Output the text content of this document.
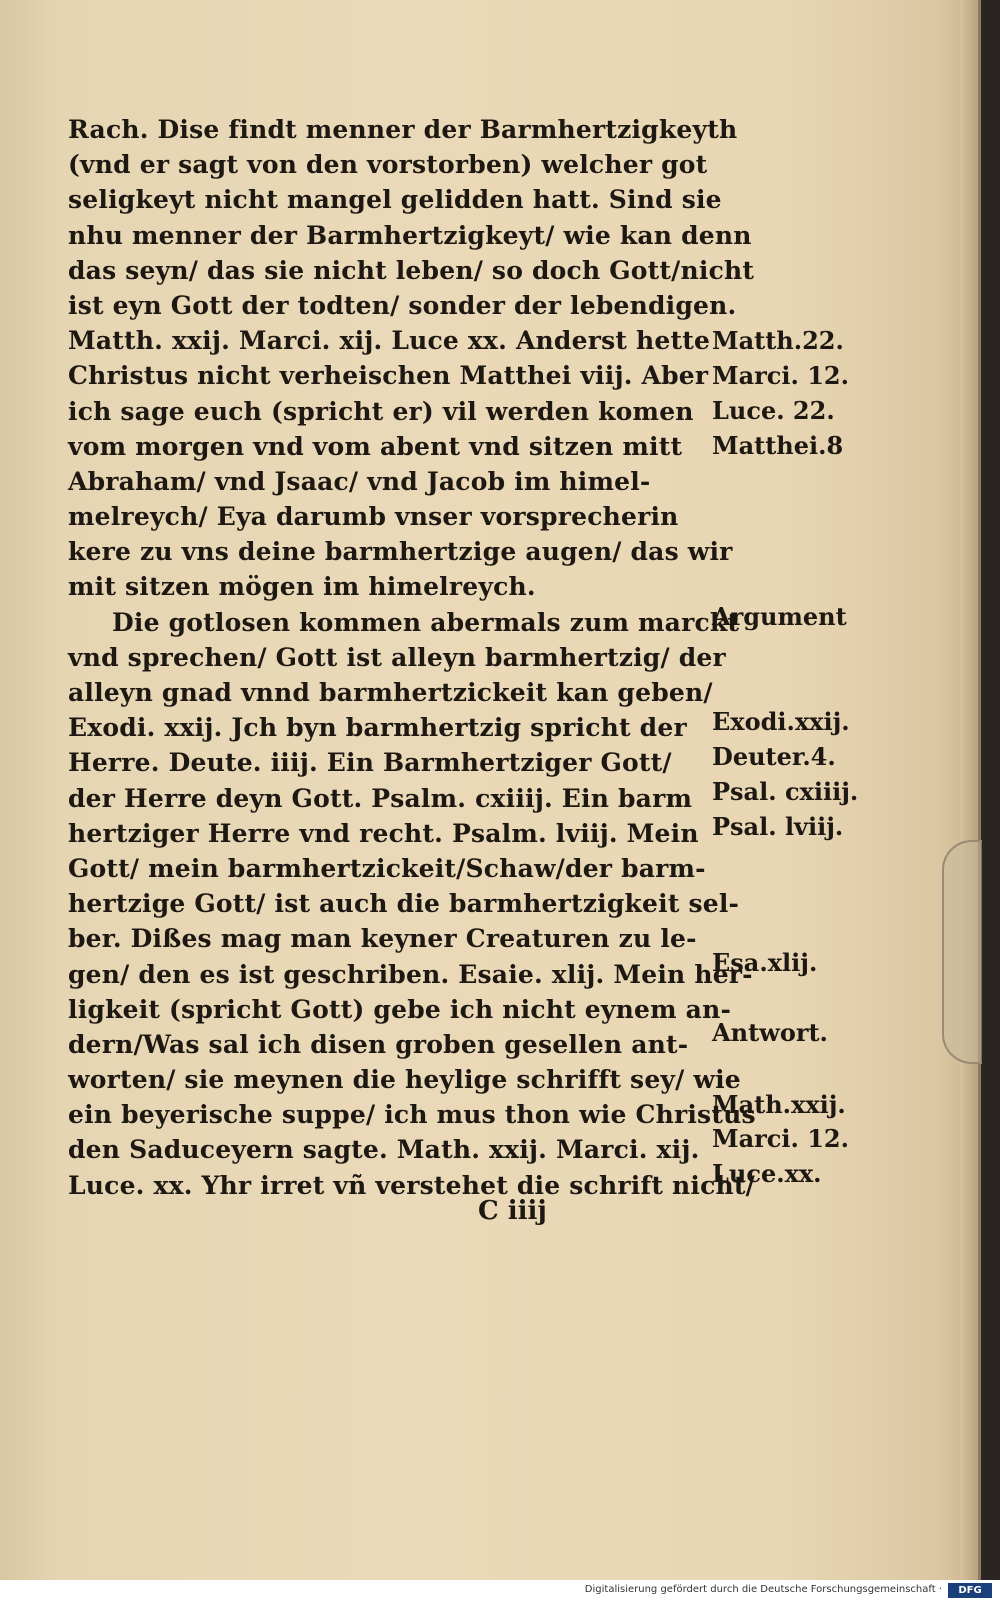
Rach. Dise findt menner der Barmhertzigkeyth
(vnd er sagt von den vorstorben) welcher got
seligkeyt nicht mangel gelidden hatt. Sind sie
nhu menner der Barmhertzigkeyt/ wie kan denn
das seyn/ das sie nicht leben/ so doch Gott/nicht
ist eyn Gott der todten/ sonder der lebendigen.
Matth. xxij. Marci. xij. Luce xx. Anderst hette
Christus nicht verheischen Matthei viij. Aber
ich sage euch (spricht er) vil werden komen
vom morgen vnd vom abent vnd sitzen mitt
Abraham/ vnd Jsaac/ vnd Jacob im himel-
melreych/ Eya darumb vnser vorsprecherin
kere zu vns deine barmhertzige augen/ das wir
mit sitzen mögen im himelreych.
Die gotlosen kommen abermals zum marckt
vnd sprechen/ Gott ist alleyn barmhertzig/ der
alleyn gnad vnnd barmhertzickeit kan geben/
Exodi. xxij. Jch byn barmhertzig spricht der
Herre. Deute. iiij. Ein Barmhertziger Gott/
der Herre deyn Gott. Psalm. cxiiij. Ein barm
hertziger Herre vnd recht. Psalm. lviij. Mein
Gott/ mein barmhertzickeit/Schaw/der barm-
hertzige Gott/ ist auch die barmhertzigkeit sel-
ber. Dißes mag man keyner Creaturen zu le-
gen/ den es ist geschriben. Esaie. xlij. Mein her-
ligkeit (spricht Gott) gebe ich nicht eynem an-
dern/Was sal ich disen groben gesellen ant-
worten/ sie meynen die heylige schrifft sey/ wie
ein beyerische suppe/ ich mus thon wie Christus
den Saduceyern sagte. Math. xxij. Marci. xij.
Luce. xx. Yhr irret vñ verstehet die schrift nicht/
Matth.22.
Marci. 12.
Luce. 22.
Matthei.8
Argument
Exodi.xxij.
Deuter.4.
Psal. cxiiij.
Psal. lviij.
Esa.xlij.
Antwort.
Math.xxij.
Marci. 12.
Luce.xx.
C iiij
Digitalisierung gefördert durch die Deutsche Forschungsgemeinschaft ·	DFG
